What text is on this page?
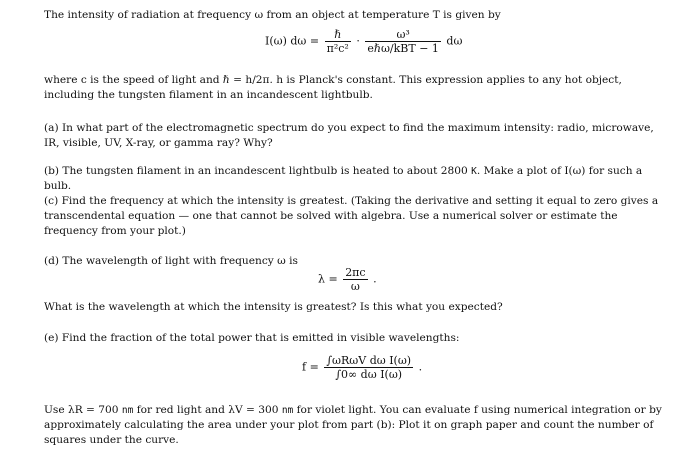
The intensity of radiation at frequency ω from an object at temperature T is given by
I(ω) $d\omega = \frac{\text{ℏ}}{\text{π²c²}} \cdot \frac{\text{ω³}}{\text{eℏω/kBT − 1}}$ dω
where c is the speed of light and ℏ = h/2π. h is Planck's constant. This expression applies to any hot object, including the tungsten filament in an incandescent lightbulb.
(a) In what part of the electromagnetic spectrum do you expect to find the maximum intensity: radio, microwave, IR, visible, UV, X-ray, or gamma ray? Why?
(b) The tungsten filament in an incandescent lightbulb is heated to about 2800 K. Make a plot of I(ω) for such a bulb.
(c) Find the frequency at which the intensity is greatest. (Taking the derivative and setting it equal to zero gives a transcendental equation — one that cannot be solved with algebra. Use a numerical solver or estimate the frequency from your plot.)
(d) The wavelength of light with frequency ω is
$\lambda = \frac{2\pi c}{\omega}$ .
What is the wavelength at which the intensity is greatest? Is this what you expected?
(e) Find the fraction of the total power that is emitted in visible wavelengths:
$f = \frac{\text{∫ωRωV dω I(ω)}}{\text{∫0∞ dω I(ω)}}$ .
Use λR = 700 nm for red light and λV = 300 nm for violet light. You can evaluate f using numerical integration or by approximately calculating the area under your plot from part (b): Plot it on graph paper and count the number of squares under the curve.
